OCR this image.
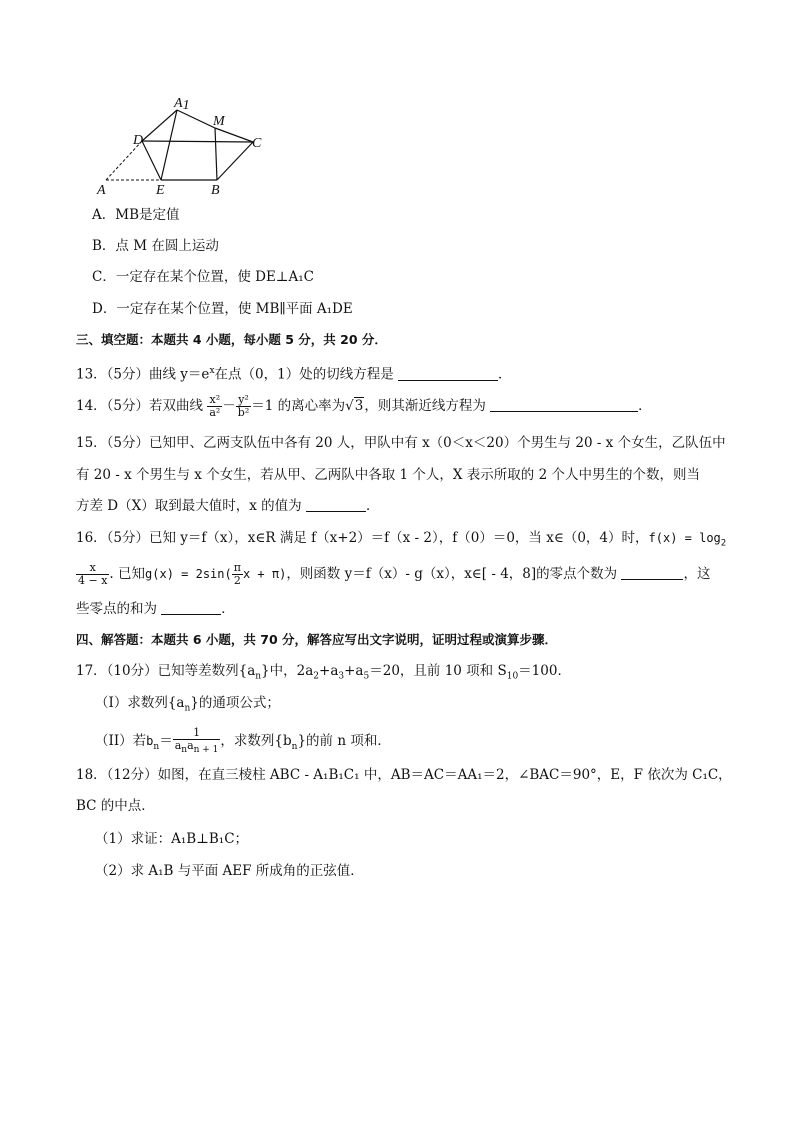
A1
M
D	C
A	E	B
A．MB是定值
B．点 M 在圆上运动
C．一定存在某个位置，使 DE⊥A₁C
D．一定存在某个位置，使 MB∥平面 A₁DE
三、填空题：本题共 4 小题，每小题 5 分，共 20 分．
13．（5分）曲线 $y=e^x$在点（0，1）处的切线方程是	．
14．（5分）若双曲线 $\frac{\text{x²}}{\text{a²}} - \frac{\text{y²}}{\text{b²}} =1$ 的离心率为√3，则其渐近线方程为	．
15．（5分）已知甲、乙两支队伍中各有 20 人，甲队中有 x（0＜x＜20）个男生与 20 - x 个女生，乙队伍中
有 20 - x 个男生与 x 个女生，若从甲、乙两队中各取 1 个人，X 表示所取的 2 个人中男生的个数，则当
方差 D（X）取到最大值时，x 的值为	．
16．（5分）已知 y＝f（x），x∈R 满足 f（x+2）＝f（x - 2），f（0）＝0，当 x∈（0，4）时，$f(x) = \log_2$
$\frac{x}{4 - x}$ . 已知$g(x) = 2\sin( \frac{\pi}{2}$ x + π)，则函数 y＝f（x）- g（x），x∈[ - 4，8]的零点个数为	，这
些零点的和为	．
四、解答题：本题共 6 小题，共 70 分，解答应写出文字说明，证明过程或演算步骤．
17．（10分）已知等差数列$\{a_n\}$中，$2a_2+a_3+a_5=20$，且前 10 项和 $S_{10}=100$．
（I）求数列$\{a_n\}$的通项公式；
（II）若$b_n= \frac{1}{a_na_{n + 1}}$ ，求数列$\{b_n\}$的前 n 项和．
18．（12分）如图，在直三棱柱 ABC - A₁B₁C₁ 中，AB＝AC＝AA₁＝2，∠BAC＝90°，E，F 依次为 C₁C，
BC 的中点．
（1）求证：A₁B⊥B₁C；
（2）求 A₁B 与平面 AEF 所成角的正弦值．
